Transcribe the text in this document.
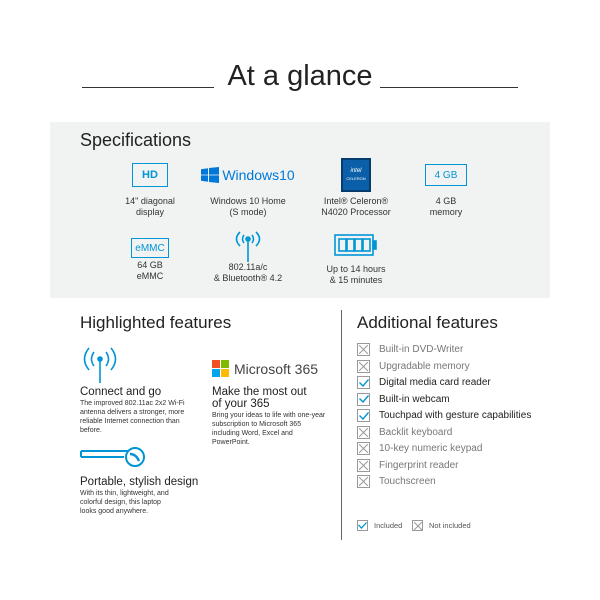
At a glance
Specifications
HD
14" diagonal
display
Windows10
Windows 10 Home
(S mode)
intel
CELERON
Intel® Celeron®
N4020 Processor
4 GB
4 GB
memory
eMMC
64 GB
eMMC
802.11a/c
& Bluetooth® 4.2
Up to 14 hours
& 15 minutes
Highlighted features
Connect and go
The improved 802.11ac 2x2 Wi-Fi antenna delivers a stronger, more reliable Internet connection than before.
Microsoft 365
Make the most out of your 365
Bring your ideas to life with one-year subscription to Microsoft 365 including Word, Excel and PowerPoint.
Portable, stylish design
With its thin, lightweight, and colorful design, this laptop looks good anywhere.
Additional features
Built-in DVD-Writer
Upgradable memory
Digital media card reader
Built-in webcam
Touchpad with gesture capabilities
Backlit keyboard
10-key numeric keypad
Fingerprint reader
Touchscreen
Included	Not included
